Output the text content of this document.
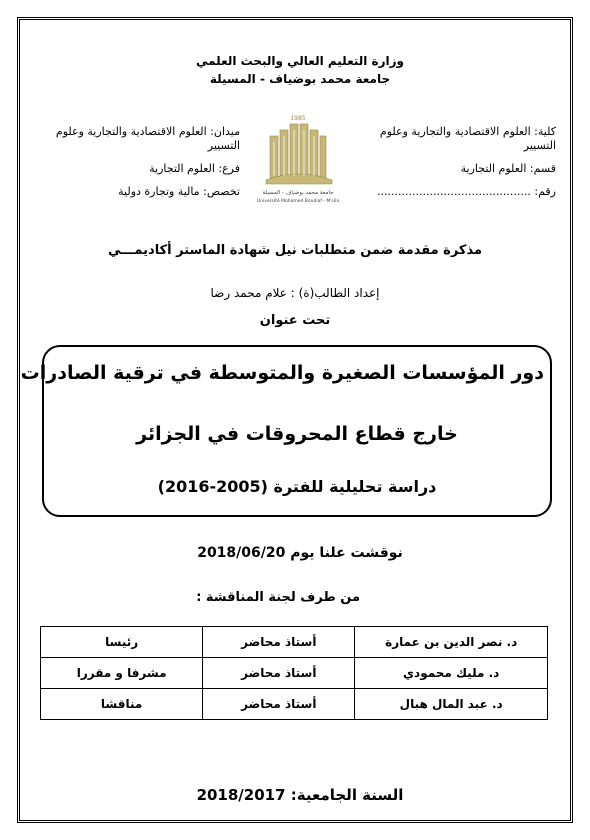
وزارة التعليم العالي والبحث العلمي
جامعة محمد بوضياف - المسيلة
كلية: العلوم الاقتصادية والتجارية وعلوم التسيير
قسم: العلوم التجارية
رقم: ............................................
ميدان: العلوم الاقتصادية والتجارية وعلوم التسيير
فرع: العلوم التجارية
تخصص: مالية وتجارة دولية
1985
جامعة محمد بوضياف - المسيلة
Université Mohamed Boudiaf - M'sila
مذكرة مقدمة ضمن متطلبات نيل شهادة الماستر أكاديمـــي
إعداد الطالب(ة) : علام محمد رضا
تحت عنوان
دور المؤسسات الصغيرة والمتوسطة في ترقية الصادرات
خارج قطاع المحروقات في الجزائر
دراسة تحليلية للفترة (2005-2016)
نوقشت علنا يوم 2018/06/20
من طرف لجنة المناقشة :
د. نصر الدين بن عمارة	أستاذ محاضر	رئيسا
د. مليك محمودي	أستاذ محاضر	مشرفا و مقررا
د. عبد المال هبال	أستاذ محاضر	مناقشا
السنة الجامعية: 2018/2017
